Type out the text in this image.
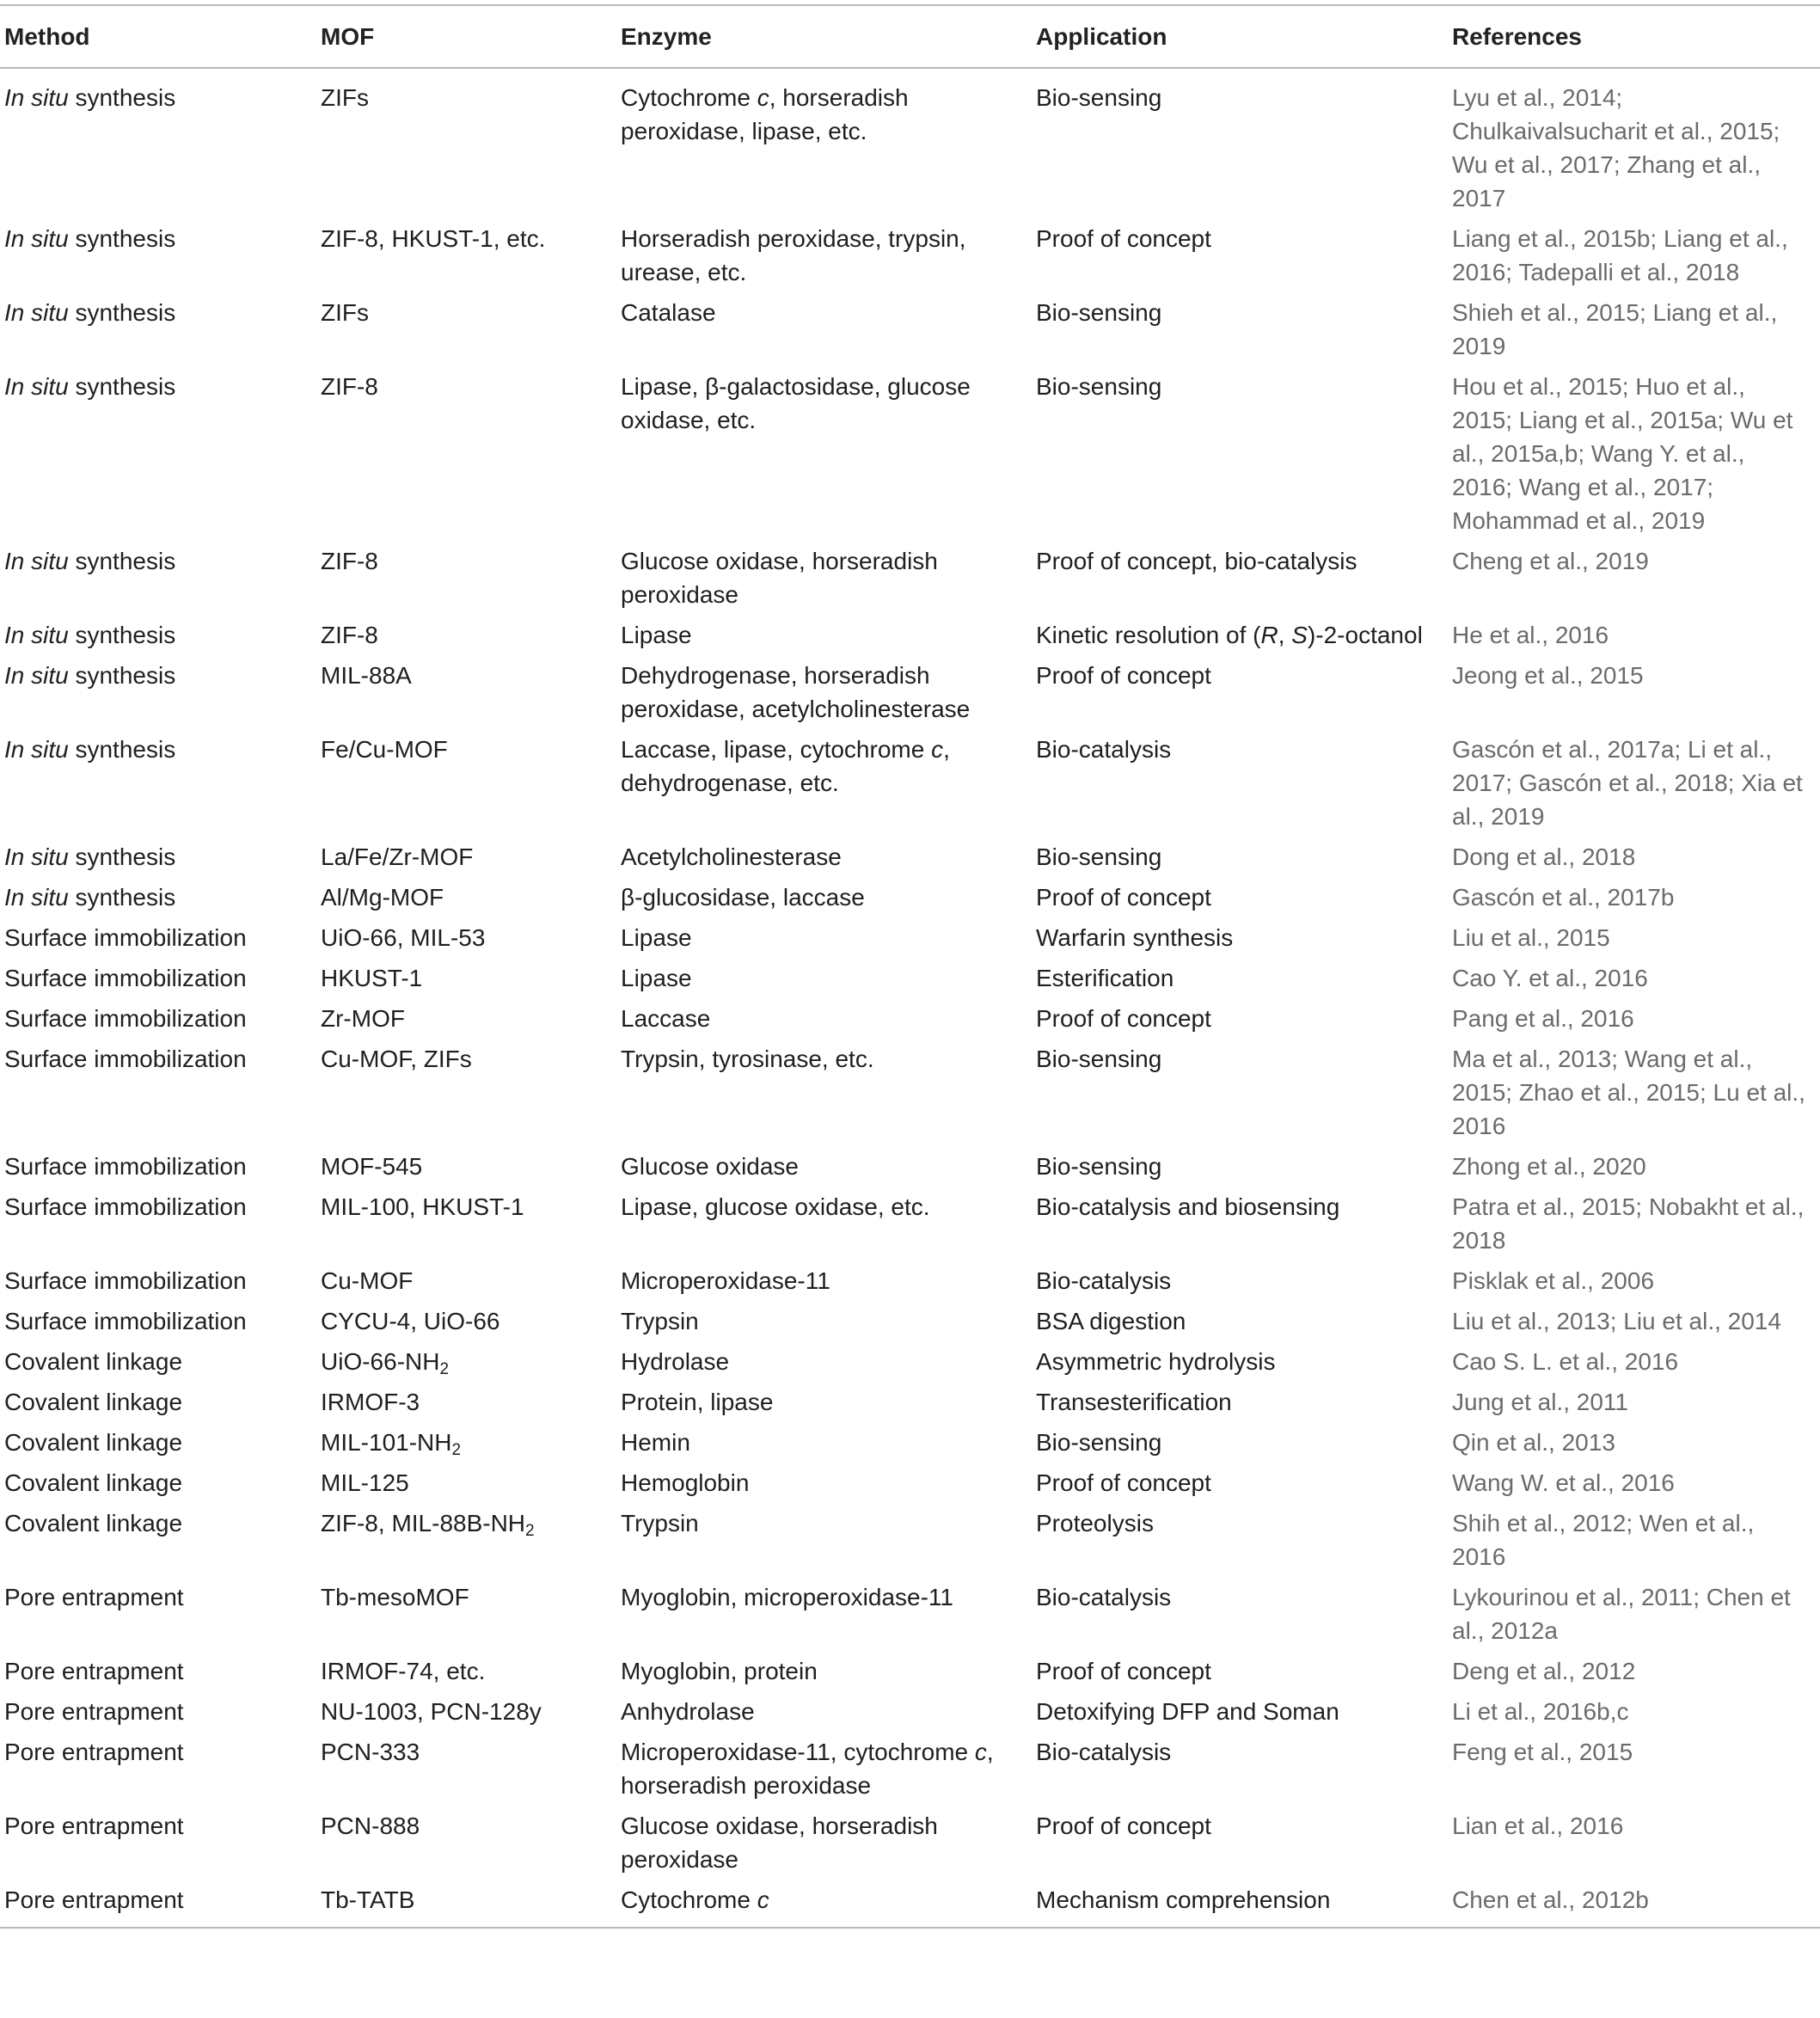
Method	MOF	Enzyme	Application	References
In situ synthesis	ZIFs	Cytochrome c, horseradish peroxidase, lipase, etc.	Bio-sensing	Lyu et al., 2014; Chulkaivalsucharit et al., 2015; Wu et al., 2017; Zhang et al., 2017
In situ synthesis	ZIF-8, HKUST-1, etc.	Horseradish peroxidase, trypsin, urease, etc.	Proof of concept	Liang et al., 2015b; Liang et al., 2016; Tadepalli et al., 2018
In situ synthesis	ZIFs	Catalase	Bio-sensing	Shieh et al., 2015; Liang et al., 2019
In situ synthesis	ZIF-8	Lipase, β-galactosidase, glucose oxidase, etc.	Bio-sensing	Hou et al., 2015; Huo et al., 2015; Liang et al., 2015a; Wu et al., 2015a,b; Wang Y. et al., 2016; Wang et al., 2017; Mohammad et al., 2019
In situ synthesis	ZIF-8	Glucose oxidase, horseradish peroxidase	Proof of concept, bio-catalysis	Cheng et al., 2019
In situ synthesis	ZIF-8	Lipase	Kinetic resolution of (R, S)-2-octanol	He et al., 2016
In situ synthesis	MIL-88A	Dehydrogenase, horseradish peroxidase, acetylcholinesterase	Proof of concept	Jeong et al., 2015
In situ synthesis	Fe/Cu-MOF	Laccase, lipase, cytochrome c, dehydrogenase, etc.	Bio-catalysis	Gascón et al., 2017a; Li et al., 2017; Gascón et al., 2018; Xia et al., 2019
In situ synthesis	La/Fe/Zr-MOF	Acetylcholinesterase	Bio-sensing	Dong et al., 2018
In situ synthesis	Al/Mg-MOF	β-glucosidase, laccase	Proof of concept	Gascón et al., 2017b
Surface immobilization	UiO-66, MIL-53	Lipase	Warfarin synthesis	Liu et al., 2015
Surface immobilization	HKUST-1	Lipase	Esterification	Cao Y. et al., 2016
Surface immobilization	Zr-MOF	Laccase	Proof of concept	Pang et al., 2016
Surface immobilization	Cu-MOF, ZIFs	Trypsin, tyrosinase, etc.	Bio-sensing	Ma et al., 2013; Wang et al., 2015; Zhao et al., 2015; Lu et al., 2016
Surface immobilization	MOF-545	Glucose oxidase	Bio-sensing	Zhong et al., 2020
Surface immobilization	MIL-100, HKUST-1	Lipase, glucose oxidase, etc.	Bio-catalysis and biosensing	Patra et al., 2015; Nobakht et al., 2018
Surface immobilization	Cu-MOF	Microperoxidase-11	Bio-catalysis	Pisklak et al., 2006
Surface immobilization	CYCU-4, UiO-66	Trypsin	BSA digestion	Liu et al., 2013; Liu et al., 2014
Covalent linkage	UiO-$66-NH_2$	Hydrolase	Asymmetric hydrolysis	Cao S. L. et al., 2016
Covalent linkage	IRMOF-3	Protein, lipase	Transesterification	Jung et al., 2011
Covalent linkage	MIL-$101-NH_2$	Hemin	Bio-sensing	Qin et al., 2013
Covalent linkage	MIL-125	Hemoglobin	Proof of concept	Wang W. et al., 2016
Covalent linkage	ZIF-8, MIL-$88B-NH_2$	Trypsin	Proteolysis	Shih et al., 2012; Wen et al., 2016
Pore entrapment	Tb-mesoMOF	Myoglobin, microperoxidase-11	Bio-catalysis	Lykourinou et al., 2011; Chen et al., 2012a
Pore entrapment	IRMOF-74, etc.	Myoglobin, protein	Proof of concept	Deng et al., 2012
Pore entrapment	NU-1003, PCN-128y	Anhydrolase	Detoxifying DFP and Soman	Li et al., 2016b,c
Pore entrapment	PCN-333	Microperoxidase-11, cytochrome c, horseradish peroxidase	Bio-catalysis	Feng et al., 2015
Pore entrapment	PCN-888	Glucose oxidase, horseradish peroxidase	Proof of concept	Lian et al., 2016
Pore entrapment	Tb-TATB	Cytochrome c	Mechanism comprehension	Chen et al., 2012b
